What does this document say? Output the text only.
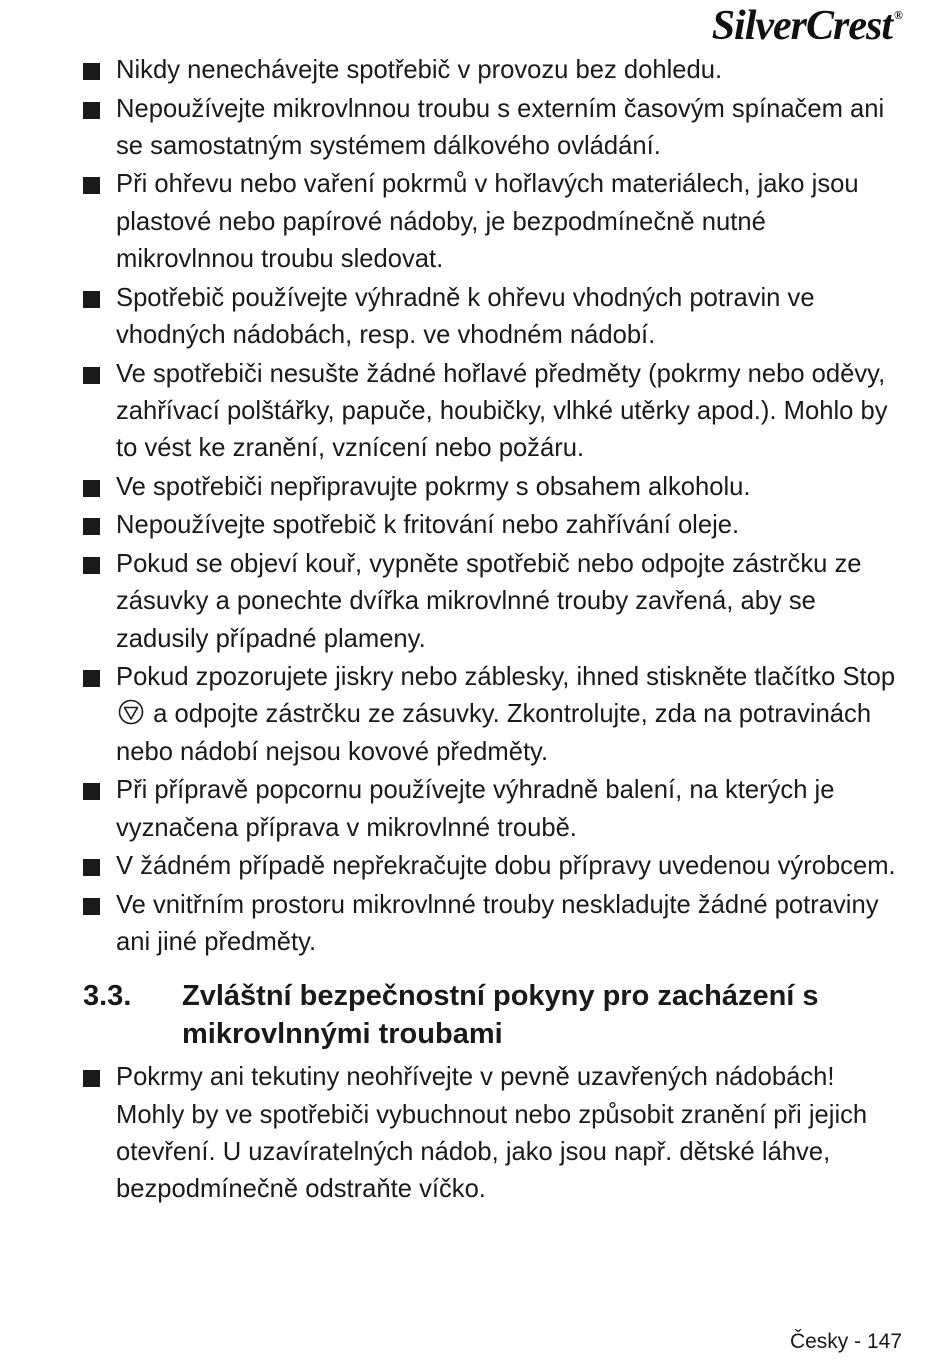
SilverCrest ®
Nikdy nenechávejte spotřebič v provozu bez dohledu.
Nepoužívejte mikrovlnnou troubu s externím časovým spínačem ani se samostatným systémem dálkového ovládání.
Při ohřevu nebo vaření pokrmů v hořlavých materiálech, jako jsou plastové nebo papírové nádoby, je bezpodmínečně nutné mikrovlnnou troubu sledovat.
Spotřebič používejte výhradně k ohřevu vhodných potravin ve vhodných nádobách, resp. ve vhodném nádobí.
Ve spotřebiči nesušte žádné hořlavé předměty (pokrmy nebo oděvy, zahřívací polštářky, papuče, houbičky, vlhké utěrky apod.). Mohlo by to vést ke zranění, vznícení nebo požáru.
Ve spotřebiči nepřipravujte pokrmy s obsahem alkoholu.
Nepoužívejte spotřebič k fritování nebo zahřívání oleje.
Pokud se objeví kouř, vypněte spotřebič nebo odpojte zástrčku ze zásuvky a ponechte dvířka mikrovlnné trouby zavřená, aby se zadusily případné plameny.
Pokud zpozorujete jiskry nebo záblesky, ihned stiskněte tlačítko Stop  a odpojte zástrčku ze zásuvky. Zkontrolujte, zda na potravinách nebo nádobí nejsou kovové předměty.
Při přípravě popcornu používejte výhradně balení, na kterých je vyznačena příprava v mikrovlnné troubě.
V žádném případě nepřekračujte dobu přípravy uvedenou výrobcem.
Ve vnitřním prostoru mikrovlnné trouby neskladujte žádné potraviny ani jiné předměty.
3.3.	Zvláštní bezpečnostní pokyny pro zacházení s mikrovlnnými troubami
Pokrmy ani tekutiny neohřívejte v pevně uzavřených nádobách! Mohly by ve spotřebiči vybuchnout nebo způsobit zranění při jejich otevření. U uzavíratelných nádob, jako jsou např. dětské láhve, bezpodmínečně odstraňte víčko.
Česky - 147
